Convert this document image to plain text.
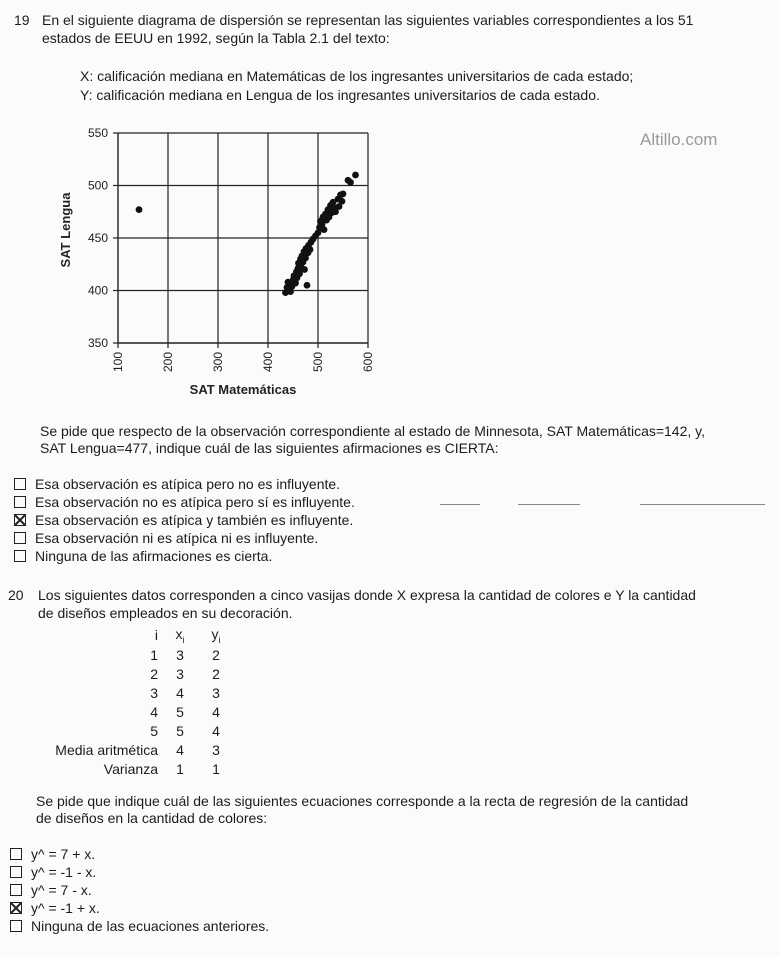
19 En el siguiente diagrama de dispersión se representan las siguientes variables correspondientes a los 51
estados de EEUU en 1992, según la Tabla 2.1 del texto:
X: calificación mediana en Matemáticas de los ingresantes universitarios de cada estado;
Y: calificación mediana en Lengua de los ingresantes universitarios de cada estado.
Altillo.com
350
400
450
500
550
100	200	300	400	500	600
SAT Lengua
SAT Matemáticas
Se pide que respecto de la observación correspondiente al estado de Minnesota, SAT Matemáticas=142, y,
SAT Lengua=477, indique cuál de las siguientes afirmaciones es CIERTA:
Esa observación es atípica pero no es influyente.
Esa observación no es atípica pero sí es influyente.
Esa observación es atípica y también es influyente.
Esa observación ni es atípica ni es influyente.
Ninguna de las afirmaciones es cierta.
20 Los siguientes datos corresponden a cinco vasijas donde X expresa la cantidad de colores e Y la cantidad
de diseños empleados en su decoración.
i	$x_i$	$y_i$
1	3	2
2	3	2
3	4	3
4	5	4
5	5	4
Media aritmética	4	3
Varianza	1	1
Se pide que indique cuál de las siguientes ecuaciones corresponde a la recta de regresión de la cantidad
de diseños en la cantidad de colores:
y^ = 7 + x.
y^ = -1 - x.
y^ = 7 - x.
y^ = -1 + x.
Ninguna de las ecuaciones anteriores.
